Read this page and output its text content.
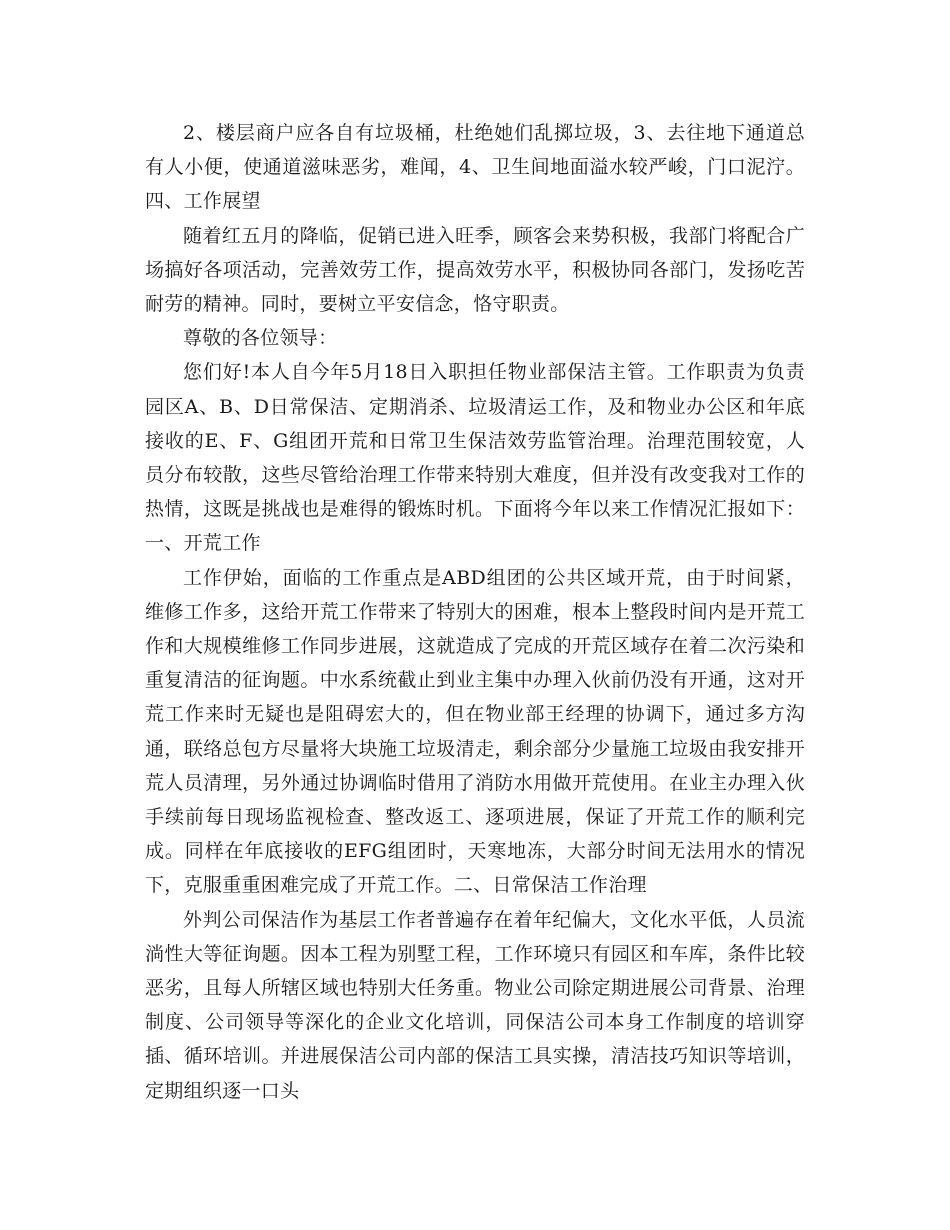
2、楼层商户应各自有垃圾桶，杜绝她们乱掷垃圾，3、去往地下通道总有人小便，使通道滋味恶劣，难闻，4、卫生间地面溢水较严峻，门口泥泞。四、工作展望

随着红五月的降临，促销已进入旺季，顾客会来势积极，我部门将配合广场搞好各项活动，完善效劳工作，提高效劳水平，积极协同各部门，发扬吃苦耐劳的精神。同时，要树立平安信念，恪守职责。

尊敬的各位领导：

您们好!本人自今年5月18日入职担任物业部保洁主管。工作职责为负责园区A、B、D日常保洁、定期消杀、垃圾清运工作，及和物业办公区和年底接收的E、F、G组团开荒和日常卫生保洁效劳监管治理。治理范围较宽，人员分布较散，这些尽管给治理工作带来特别大难度，但并没有改变我对工作的热情，这既是挑战也是难得的锻炼时机。下面将今年以来工作情况汇报如下：一、开荒工作

工作伊始，面临的工作重点是ABD组团的公共区域开荒，由于时间紧，维修工作多，这给开荒工作带来了特别大的困难，根本上整段时间内是开荒工作和大规模维修工作同步进展，这就造成了完成的开荒区域存在着二次污染和重复清洁的征询题。中水系统截止到业主集中办理入伙前仍没有开通，这对开荒工作来时无疑也是阻碍宏大的，但在物业部王经理的协调下，通过多方沟通，联络总包方尽量将大块施工垃圾清走，剩余部分少量施工垃圾由我安排开荒人员清理，另外通过协调临时借用了消防水用做开荒使用。在业主办理入伙手续前每日现场监视检查、整改返工、逐项进展，保证了开荒工作的顺利完成。同样在年底接收的EFG组团时，天寒地冻，大部分时间无法用水的情况下，克服重重困难完成了开荒工作。二、日常保洁工作治理

外判公司保洁作为基层工作者普遍存在着年纪偏大，文化水平低，人员流淌性大等征询题。因本工程为别墅工程，工作环境只有园区和车库，条件比较恶劣，且每人所辖区域也特别大任务重。物业公司除定期进展公司背景、治理制度、公司领导等深化的企业文化培训，同保洁公司本身工作制度的培训穿插、循环培训。并进展保洁公司内部的保洁工具实操，清洁技巧知识等培训，定期组织逐一口头
